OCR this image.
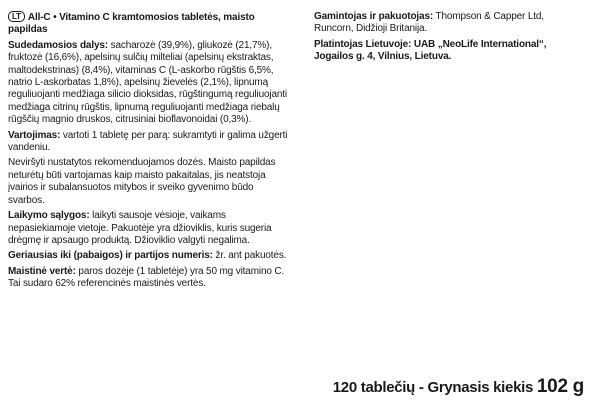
LT All-C • Vitamino C kramtomosios tabletės, maisto papildas
Sudedamosios dalys: sacharozė (39,9%), gliukozė (21,7%), fruktozė (16,6%), apelsinų sulčių milteliai (apelsinų ekstraktas, maltodekstrinas) (8,4%), vitaminas C (L-askorbo rūgštis 6,5%, natrio L-askorbatas 1,8%), apelsinų žievelės (2,1%), lipnumą reguliuojanti medžiaga silicio dioksidas, rūgštingumą reguliuojanti medžiaga citrinų rūgštis, lipnumą reguliuojanti medžiaga riebalų rūgščių magnio druskos, citrusiniai bioflavonoidai (0,3%).
Vartojimas: vartoti 1 tabletę per parą: sukramtyti ir galima užgerti vandeniu.
Neviršyti nustatytos rekomenduojamos dozės. Maisto papildas neturėtų būti vartojamas kaip maisto pakaitalas, jis neatstoja įvairios ir subalansuotos mitybos ir sveiko gyvenimo būdo svarbos.
Laikymo sąlygos: laikyti sausoje vėsioje, vaikams nepasiekiamoje vietoje. Pakuotėje yra džioviklis, kuris sugeria drėgmę ir apsaugo produktą. Džioviklio valgyti negalima.
Geriausias iki (pabaigos) ir partijos numeris: žr. ant pakuotės.
Maistinė vertė: paros dozėje (1 tabletėje) yra 50 mg vitamino C. Tai sudaro 62% referencinės maistinės vertės.
Gamintojas ir pakuotojas: Thompson & Capper Ltd, Runcorn, Didžioji Britanija.
Platintojas Lietuvoje: UAB „NeoLife International“, Jogailos g. 4, Vilnius, Lietuva.
120 tablečių - Grynasis kiekis 102 g
